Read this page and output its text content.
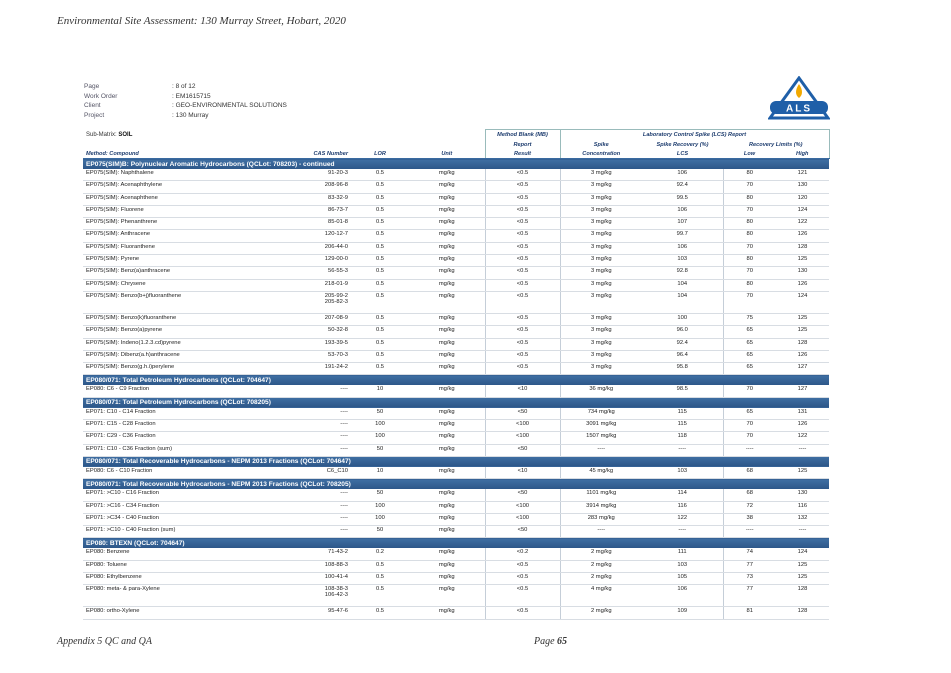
Environmental Site Assessment: 130 Murray Street, Hobart, 2020
Page	: 8 of 12
Work Order	: EM1615715
Client	: GEO-ENVIRONMENTAL SOLUTIONS
Project	: 130 Murray
ALS
Sub-Matrix: SOIL				Method Blank (MB)	Laboratory Control Spike (LCS) Report			
				Report	Spike	Spike Recovery (%)	Recovery Limits (%)	
Method: Compound	CAS Number	LOR	Unit	Result	Concentration	LCS	Low	High
EP075(SIM)B: Polynuclear Aromatic Hydrocarbons (QCLot: 708203) - continued								
EP075(SIM): Naphthalene	91-20-3	0.5	mg/kg	<0.5	3 mg/kg	106	80	121
EP075(SIM): Acenaphthylene	208-96-8	0.5	mg/kg	<0.5	3 mg/kg	92.4	70	130
EP075(SIM): Acenaphthene	83-32-9	0.5	mg/kg	<0.5	3 mg/kg	99.5	80	120
EP075(SIM): Fluorene	86-73-7	0.5	mg/kg	<0.5	3 mg/kg	106	70	124
EP075(SIM): Phenanthrene	85-01-8	0.5	mg/kg	<0.5	3 mg/kg	107	80	122
EP075(SIM): Anthracene	120-12-7	0.5	mg/kg	<0.5	3 mg/kg	99.7	80	126
EP075(SIM): Fluoranthene	206-44-0	0.5	mg/kg	<0.5	3 mg/kg	106	70	128
EP075(SIM): Pyrene	129-00-0	0.5	mg/kg	<0.5	3 mg/kg	103	80	125
EP075(SIM): Benz(a)anthracene	56-55-3	0.5	mg/kg	<0.5	3 mg/kg	92.8	70	130
EP075(SIM): Chrysene	218-01-9	0.5	mg/kg	<0.5	3 mg/kg	104	80	126
EP075(SIM): Benzo(b+j)fluoranthene	205-99-2
205-82-3	0.5	mg/kg	<0.5	3 mg/kg	104	70	124
EP075(SIM): Benzo(k)fluoranthene	207-08-9	0.5	mg/kg	<0.5	3 mg/kg	100	75	125
EP075(SIM): Benzo(a)pyrene	50-32-8	0.5	mg/kg	<0.5	3 mg/kg	96.0	65	125
EP075(SIM): Indeno(1.2.3.cd)pyrene	193-39-5	0.5	mg/kg	<0.5	3 mg/kg	92.4	65	128
EP075(SIM): Dibenz(a.h)anthracene	53-70-3	0.5	mg/kg	<0.5	3 mg/kg	96.4	65	126
EP075(SIM): Benzo(g.h.i)perylene	191-24-2	0.5	mg/kg	<0.5	3 mg/kg	95.8	65	127
EP080/071: Total Petroleum Hydrocarbons (QCLot: 704647)								
EP080: C6 - C9 Fraction	----	10	mg/kg	<10	36 mg/kg	98.5	70	127
EP080/071: Total Petroleum Hydrocarbons (QCLot: 708205)								
EP071: C10 - C14 Fraction	----	50	mg/kg	<50	734 mg/kg	115	65	131
EP071: C15 - C28 Fraction	----	100	mg/kg	<100	3091 mg/kg	115	70	126
EP071: C29 - C36 Fraction	----	100	mg/kg	<100	1507 mg/kg	118	70	122
EP071: C10 - C36 Fraction (sum)	----	50	mg/kg	<50	----	----	----	----
EP080/071: Total Recoverable Hydrocarbons - NEPM 2013 Fractions (QCLot: 704647)								
EP080: C6 - C10 Fraction	C6_C10	10	mg/kg	<10	45 mg/kg	103	68	125
EP080/071: Total Recoverable Hydrocarbons - NEPM 2013 Fractions (QCLot: 708205)								
EP071: >C10 - C16 Fraction	----	50	mg/kg	<50	1101 mg/kg	114	68	130
EP071: >C16 - C34 Fraction	----	100	mg/kg	<100	3914 mg/kg	116	72	116
EP071: >C34 - C40 Fraction	----	100	mg/kg	<100	283 mg/kg	122	38	132
EP071: >C10 - C40 Fraction (sum)	----	50	mg/kg	<50	----	----	----	----
EP080: BTEXN (QCLot: 704647)								
EP080: Benzene	71-43-2	0.2	mg/kg	<0.2	2 mg/kg	111	74	124
EP080: Toluene	108-88-3	0.5	mg/kg	<0.5	2 mg/kg	103	77	125
EP080: Ethylbenzene	100-41-4	0.5	mg/kg	<0.5	2 mg/kg	105	73	125
EP080: meta- & para-Xylene	108-38-3
106-42-3	0.5	mg/kg	<0.5	4 mg/kg	106	77	128
EP080: ortho-Xylene	95-47-6	0.5	mg/kg	<0.5	2 mg/kg	109	81	128

Appendix 5 QC and QA	Page 65
